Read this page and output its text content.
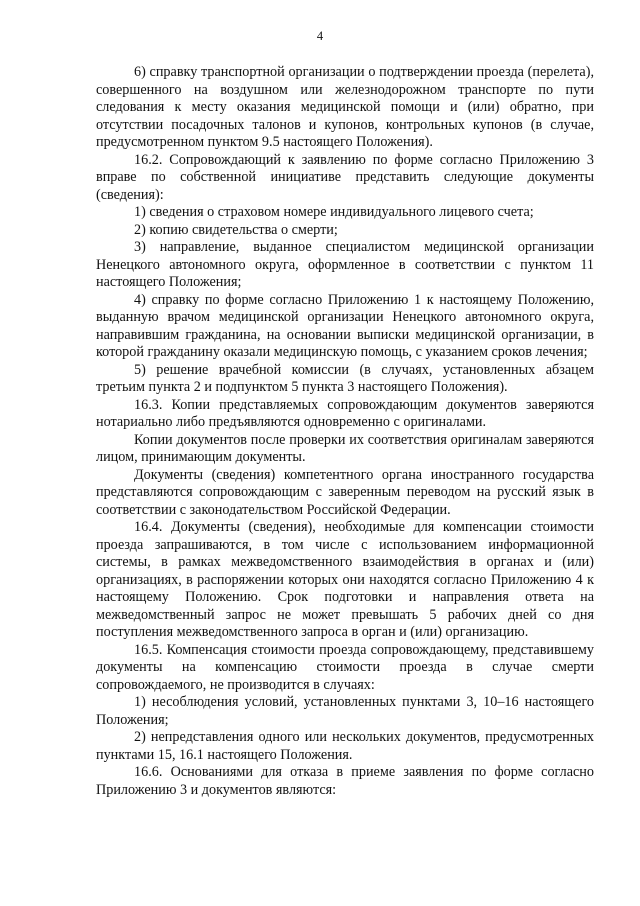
4

6) справку транспортной организации о подтверждении проезда (перелета), совершенного на воздушном или железнодорожном транспорте по пути следования к месту оказания медицинской помощи и (или) обратно, при отсутствии посадочных талонов и купонов, контрольных купонов (в случае, предусмотренном пунктом 9.5 настоящего Положения).

16.2. Сопровождающий к заявлению по форме согласно Приложению 3 вправе по собственной инициативе представить следующие документы (сведения):

1) сведения о страховом номере индивидуального лицевого счета;

2) копию свидетельства о смерти;

3) направление, выданное специалистом медицинской организации Ненецкого автономного округа, оформленное в соответствии с пунктом 11 настоящего Положения;

4) справку по форме согласно Приложению 1 к настоящему Положению, выданную врачом медицинской организации Ненецкого автономного округа, направившим гражданина, на основании выписки медицинской организации, в которой гражданину оказали медицинскую помощь, с указанием сроков лечения;

5) решение врачебной комиссии (в случаях, установленных абзацем третьим пункта 2 и подпунктом 5 пункта 3 настоящего Положения).

16.3. Копии представляемых сопровождающим документов заверяются нотариально либо предъявляются одновременно с оригиналами.

Копии документов после проверки их соответствия оригиналам заверяются лицом, принимающим документы.

Документы (сведения) компетентного органа иностранного государства представляются сопровождающим с заверенным переводом на русский язык в соответствии с законодательством Российской Федерации.

16.4. Документы (сведения), необходимые для компенсации стоимости проезда запрашиваются, в том числе с использованием информационной системы, в рамках межведомственного взаимодействия в органах и (или) организациях, в распоряжении которых они находятся согласно Приложению 4 к настоящему Положению. Срок подготовки и направления ответа на межведомственный запрос не может превышать 5 рабочих дней со дня поступления межведомственного запроса в орган и (или) организацию.

16.5. Компенсация стоимости проезда сопровождающему, представившему документы на компенсацию стоимости проезда в случае смерти сопровождаемого, не производится в случаях:

1) несоблюдения условий, установленных пунктами 3, 10–16 настоящего Положения;

2) непредставления одного или нескольких документов, предусмотренных пунктами 15, 16.1 настоящего Положения.

16.6. Основаниями для отказа в приеме заявления по форме согласно Приложению 3 и документов являются:
